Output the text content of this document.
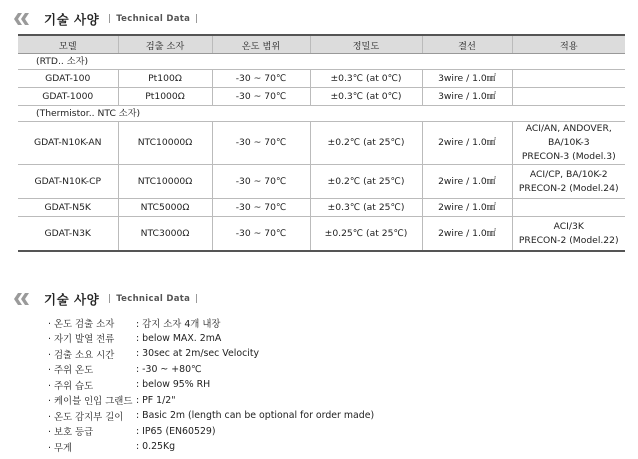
기술 사양 | Technical Data |
모델	검출 소자	온도 범위	정밀도	결선	적용
(RTD.. 소자)					
GDAT-100	Pt100Ω	-30 ~ 70℃	±0.3℃ (at 0℃)	3wire / 1.0㎟	
GDAT-1000	Pt1000Ω	-30 ~ 70℃	±0.3℃ (at 0℃)	3wire / 1.0㎟	
(Thermistor.. NTC 소자)					
GDAT-N10K-AN	NTC10000Ω	-30 ~ 70℃	±0.2℃ (at 25℃)	2wire / 1.0㎟	ACI/AN, ANDOVER, BA/10K-3
PRECON-3 (Model.3)

GDAT-N10K-CP	NTC10000Ω	-30 ~ 70℃	±0.2℃ (at 25℃)	2wire / 1.0㎟	ACI/CP, BA/10K-2
PRECON-2 (Model.24)

GDAT-N5K	NTC5000Ω	-30 ~ 70℃	±0.3℃ (at 25℃)	2wire / 1.0㎟	
GDAT-N3K	NTC3000Ω	-30 ~ 70℃	±0.25℃ (at 25℃)	2wire / 1.0㎟	ACI/3K
PRECON-2 (Model.22)
기술 사양 | Technical Data |
· 온도 검출 소자	: 감지 소자 4개 내장
· 자기 발열 전류	: below MAX. 2mA
· 검출 소요 시간	: 30sec at 2m/sec Velocity
· 주위 온도	: -30 ~ +80℃
· 주위 습도	: below 95% RH
· 케이블 인입 그랜드 : PF 1/2"
· 온도 감지부 길이	: Basic 2m (length can be optional for order made)
· 보호 등급	: IP65 (EN60529)
· 무게	: 0.25Kg
